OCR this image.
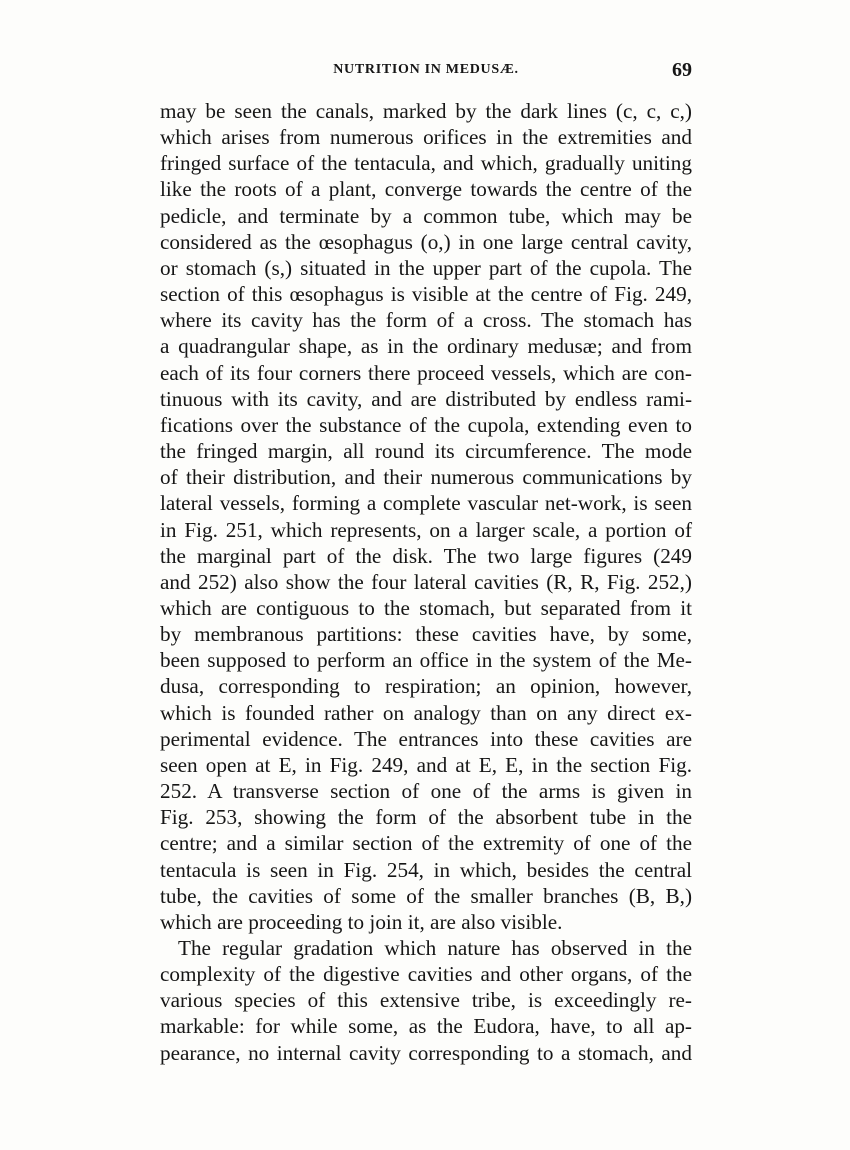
NUTRITION IN MEDUSÆ.	69

may be seen the canals, marked by the dark lines (c, c, c,)
which arises from numerous orifices in the extremities and
fringed surface of the tentacula, and which, gradually uniting
like the roots of a plant, converge towards the centre of the
pedicle, and terminate by a common tube, which may be
considered as the œsophagus (o,) in one large central cavity,
or stomach (s,) situated in the upper part of the cupola. The
section of this œsophagus is visible at the centre of Fig. 249,
where its cavity has the form of a cross. The stomach has
a quadrangular shape, as in the ordinary medusæ; and from
each of its four corners there proceed vessels, which are con-
tinuous with its cavity, and are distributed by endless rami-
fications over the substance of the cupola, extending even to
the fringed margin, all round its circumference. The mode
of their distribution, and their numerous communications by
lateral vessels, forming a complete vascular net-work, is seen
in Fig. 251, which represents, on a larger scale, a portion of
the marginal part of the disk. The two large figures (249
and 252) also show the four lateral cavities (R, R, Fig. 252,)
which are contiguous to the stomach, but separated from it
by membranous partitions: these cavities have, by some,
been supposed to perform an office in the system of the Me-
dusa, corresponding to respiration; an opinion, however,
which is founded rather on analogy than on any direct ex-
perimental evidence. The entrances into these cavities are
seen open at E, in Fig. 249, and at E, E, in the section Fig.
252. A transverse section of one of the arms is given in
Fig. 253, showing the form of the absorbent tube in the
centre; and a similar section of the extremity of one of the
tentacula is seen in Fig. 254, in which, besides the central
tube, the cavities of some of the smaller branches (B, B,)
which are proceeding to join it, are also visible.

The regular gradation which nature has observed in the
complexity of the digestive cavities and other organs, of the
various species of this extensive tribe, is exceedingly re-
markable: for while some, as the Eudora, have, to all ap-
pearance, no internal cavity corresponding to a stomach, and
